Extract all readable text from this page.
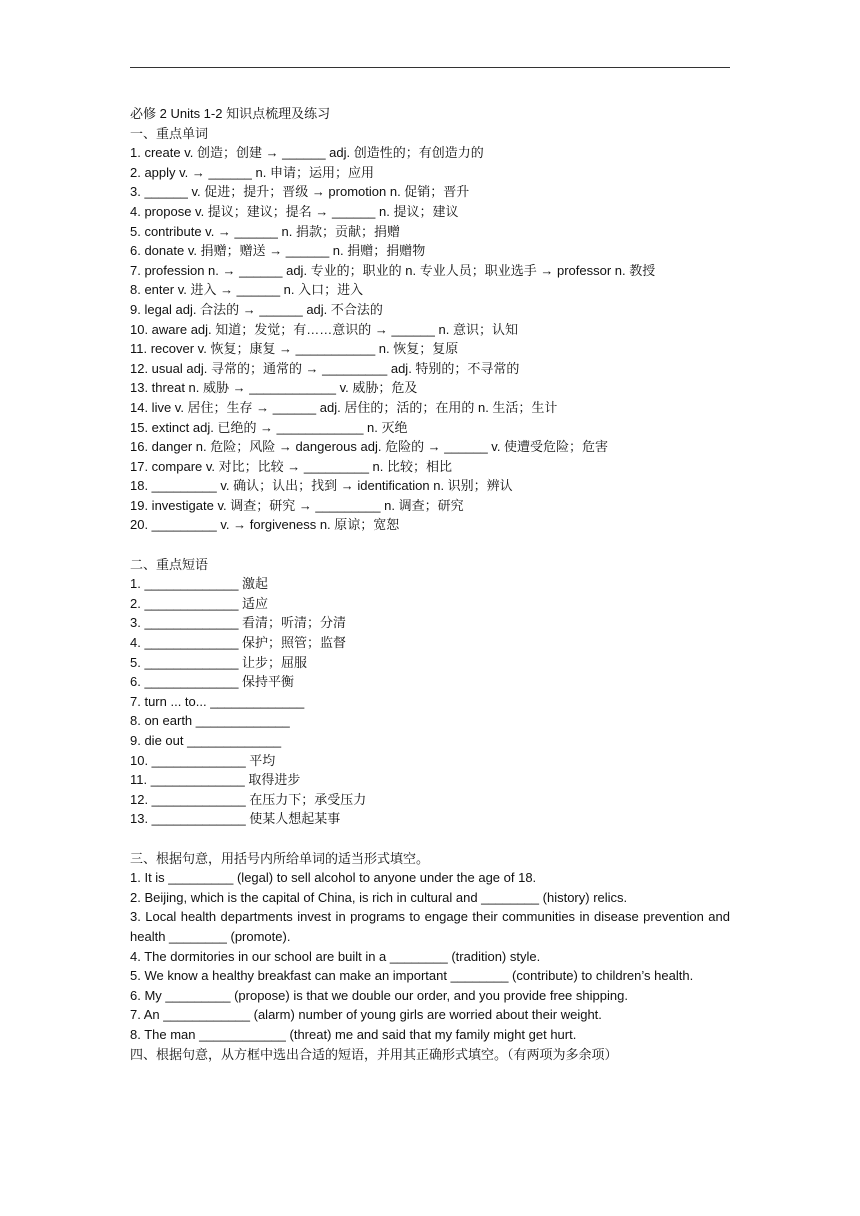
必修 2 Units 1-2 知识点梳理及练习
一、重点单词
1. create v. 创造；创建 → ______ adj. 创造性的；有创造力的
2. apply v. → ______ n. 申请；运用；应用
3. ______ v. 促进；提升；晋级 → promotion n. 促销；晋升
4. propose v. 提议；建议；提名 → ______ n. 提议；建议
5. contribute v. → ______ n. 捐款；贡献；捐赠
6. donate v. 捐赠；赠送 → ______ n. 捐赠；捐赠物
7. profession n. → ______ adj. 专业的；职业的 n. 专业人员；职业选手 → professor n. 教授
8. enter v. 进入 → ______ n. 入口；进入
9. legal adj. 合法的 → ______ adj. 不合法的
10. aware adj. 知道；发觉；有……意识的 → ______ n. 意识；认知
11. recover v. 恢复；康复 → ___________ n. 恢复；复原
12. usual adj. 寻常的；通常的 → _________ adj. 特别的；不寻常的
13. threat n. 威胁 → ____________ v. 威胁；危及
14. live v. 居住；生存 → ______ adj. 居住的；活的；在用的 n. 生活；生计
15. extinct adj. 已绝的 → ____________ n. 灭绝
16. danger n. 危险；风险 → dangerous adj. 危险的 → ______ v. 使遭受危险；危害
17. compare v. 对比；比较 → _________ n. 比较；相比
18. _________ v. 确认；认出；找到 → identification n. 识别；辨认
19. investigate v. 调查；研究 → _________ n. 调查；研究
20. _________ v. → forgiveness n. 原谅；宽恕
二、重点短语
1. _____________ 激起
2. _____________ 适应
3. _____________ 看清；听清；分清
4. _____________ 保护；照管；监督
5. _____________ 让步；屈服
6. _____________ 保持平衡
7. turn ... to... _____________
8. on earth _____________
9. die out _____________
10. _____________ 平均
11. _____________ 取得进步
12. _____________ 在压力下；承受压力
13. _____________ 使某人想起某事
三、根据句意，用括号内所给单词的适当形式填空。
1. It is _________ (legal) to sell alcohol to anyone under the age of 18.
2. Beijing, which is the capital of China, is rich in cultural and ________ (history) relics.
3. Local health departments invest in programs to engage their communities in disease prevention and health ________ (promote).
4. The dormitories in our school are built in a ________ (tradition) style.
5. We know a healthy breakfast can make an important ________ (contribute) to children’s health.
6. My _________ (propose) is that we double our order, and you provide free shipping.
7. An ____________ (alarm) number of young girls are worried about their weight.
8. The man ____________ (threat) me and said that my family might get hurt.
四、根据句意，从方框中选出合适的短语，并用其正确形式填空。（有两项为多余项）
